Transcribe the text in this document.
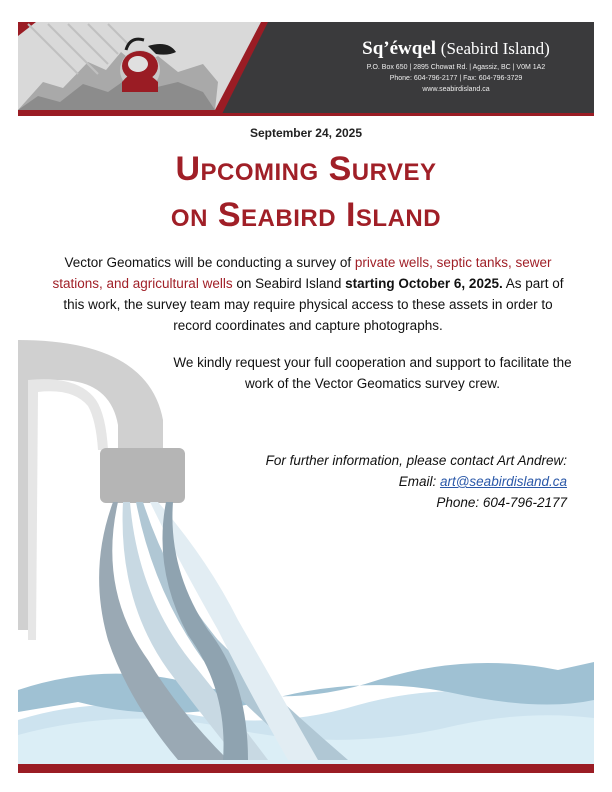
Sq’éwqel (Seabird Island)
P.O. Box 650 | 2895 Chowat Rd. | Agassiz, BC | V0M 1A2
Phone: 604-796-2177 | Fax: 604-796-3729
www.seabirdisland.ca
September 24, 2025
Upcoming Survey
on Seabird Island
Vector Geomatics will be conducting a survey of private wells, septic tanks, sewer stations, and agricultural wells on Seabird Island starting October 6, 2025. As part of this work, the survey team may require physical access to these assets in order to record coordinates and capture photographs.
We kindly request your full cooperation and support to facilitate the work of the Vector Geomatics survey crew.
For further information, please contact Art Andrew:
Email: art@seabirdisland.ca
Phone: 604-796-2177
